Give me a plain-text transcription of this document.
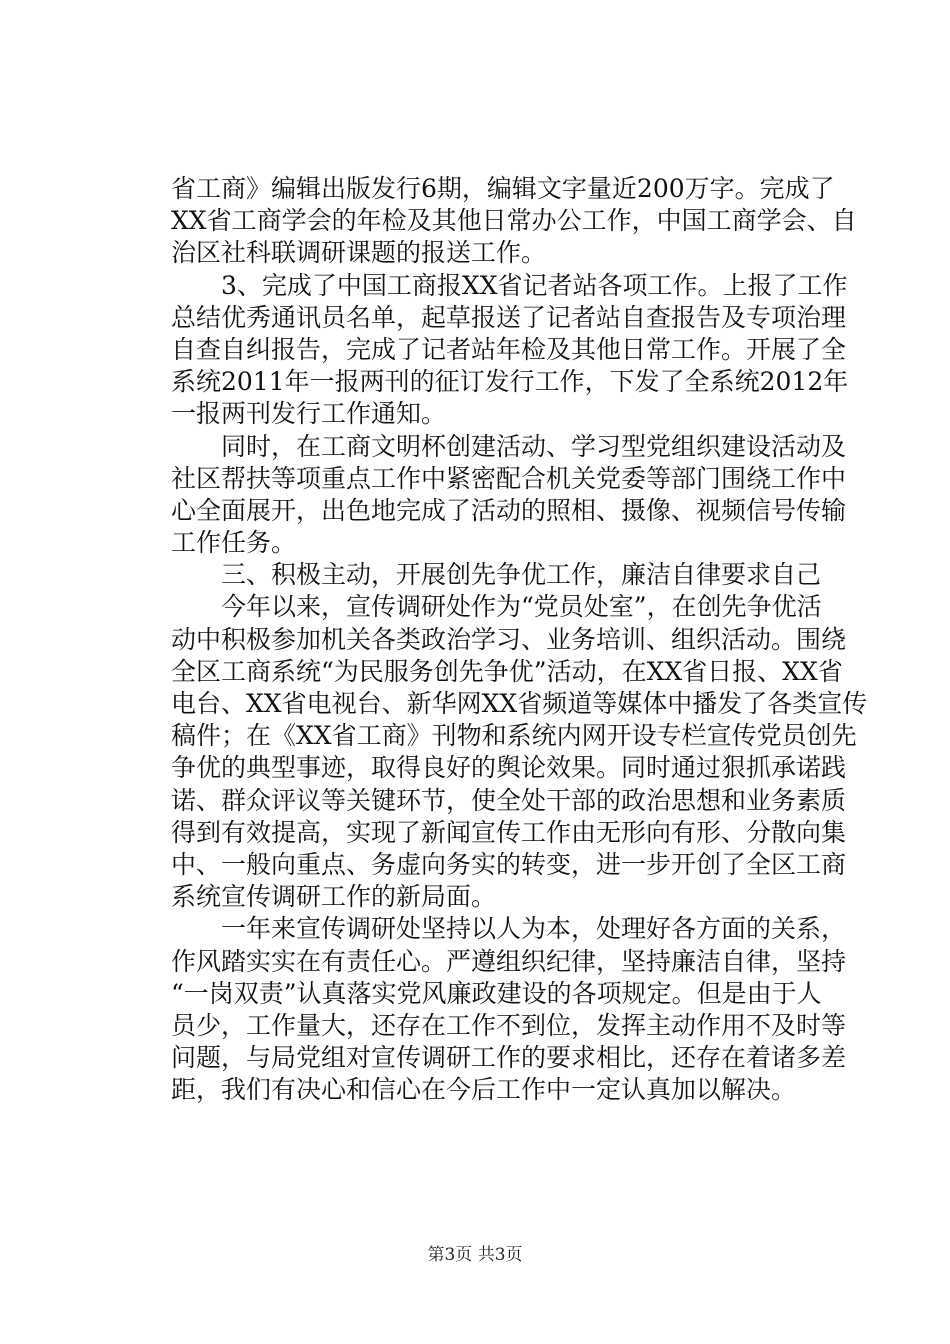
省工商》编辑出版发行6期，编辑文字量近200万字。完成了
XX省工商学会的年检及其他日常办公工作，中国工商学会、自
治区社科联调研课题的报送工作。
3、完成了中国工商报XX省记者站各项工作。上报了工作
总结优秀通讯员名单，起草报送了记者站自查报告及专项治理
自查自纠报告，完成了记者站年检及其他日常工作。开展了全
系统2011年一报两刊的征订发行工作，下发了全系统2012年
一报两刊发行工作通知。
同时，在工商文明杯创建活动、学习型党组织建设活动及
社区帮扶等项重点工作中紧密配合机关党委等部门围绕工作中
心全面展开，出色地完成了活动的照相、摄像、视频信号传输
工作任务。
三、积极主动，开展创先争优工作，廉洁自律要求自己
今年以来，宣传调研处作为“党员处室”，在创先争优活
动中积极参加机关各类政治学习、业务培训、组织活动。围绕
全区工商系统“为民服务创先争优”活动，在XX省日报、XX省
电台、XX省电视台、新华网XX省频道等媒体中播发了各类宣传
稿件；在《XX省工商》刊物和系统内网开设专栏宣传党员创先
争优的典型事迹，取得良好的舆论效果。同时通过狠抓承诺践
诺、群众评议等关键环节，使全处干部的政治思想和业务素质
得到有效提高，实现了新闻宣传工作由无形向有形、分散向集
中、一般向重点、务虚向务实的转变，进一步开创了全区工商
系统宣传调研工作的新局面。
一年来宣传调研处坚持以人为本，处理好各方面的关系，
作风踏实实在有责任心。严遵组织纪律，坚持廉洁自律，坚持
“一岗双责”认真落实党风廉政建设的各项规定。但是由于人
员少，工作量大，还存在工作不到位，发挥主动作用不及时等
问题，与局党组对宣传调研工作的要求相比，还存在着诸多差
距，我们有决心和信心在今后工作中一定认真加以解决。
第3页 共3页
